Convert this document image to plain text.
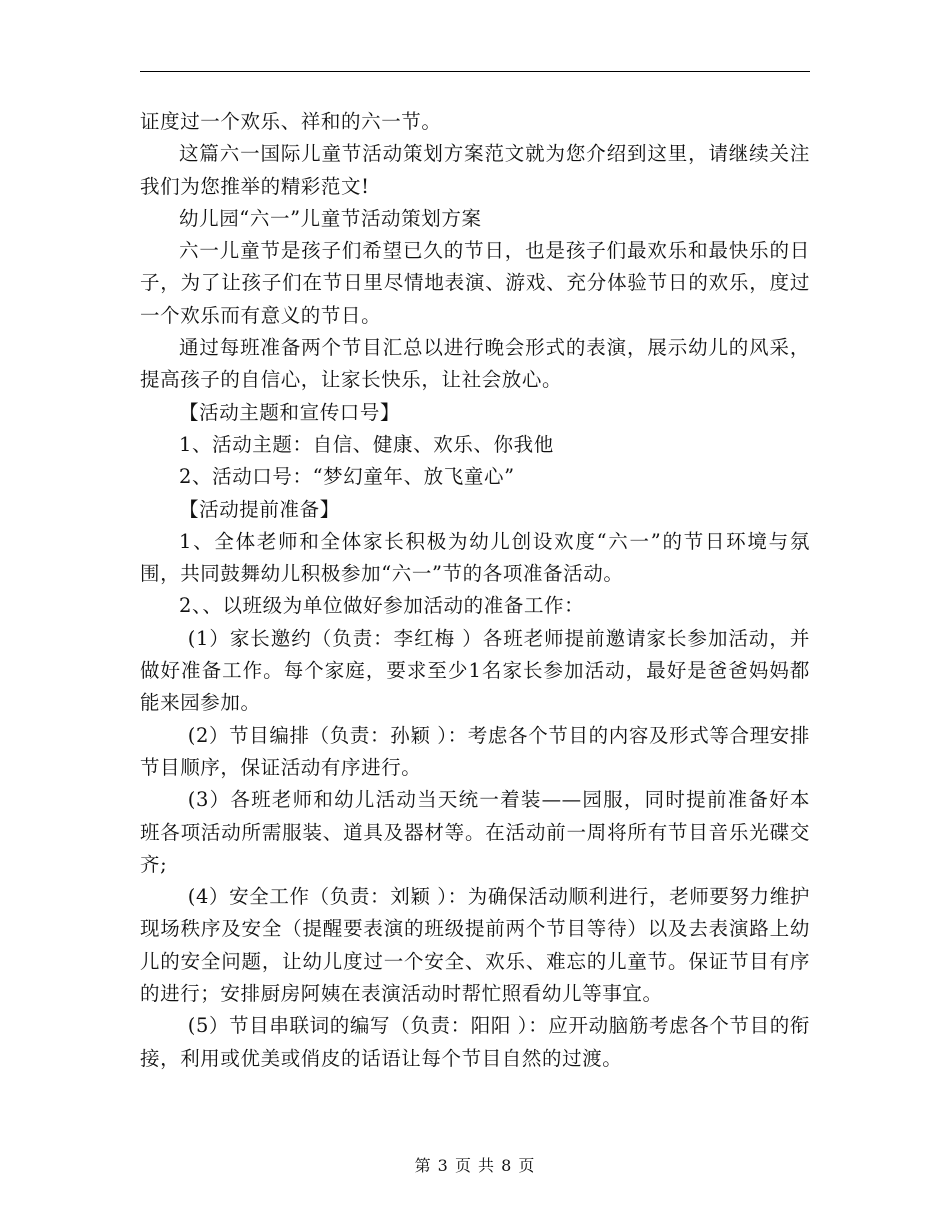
证度过一个欢乐、祥和的六一节。

这篇六一国际儿童节活动策划方案范文就为您介绍到这里，请继续关注我们为您推举的精彩范文!

幼儿园“六一”儿童节活动策划方案

六一儿童节是孩子们希望已久的节日，也是孩子们最欢乐和最快乐的日子，为了让孩子们在节日里尽情地表演、游戏、充分体验节日的欢乐，度过一个欢乐而有意义的节日。

通过每班准备两个节目汇总以进行晚会形式的表演，展示幼儿的风采，提高孩子的自信心，让家长快乐，让社会放心。

【活动主题和宣传口号】

1、活动主题：自信、健康、欢乐、你我他

2、活动口号：“梦幻童年、放飞童心”

【活动提前准备】

1、全体老师和全体家长积极为幼儿创设欢度“六一”的节日环境与氛围，共同鼓舞幼儿积极参加“六一”节的各项准备活动。

2、、以班级为单位做好参加活动的准备工作：

(1）家长邀约（负责：李红梅 ）各班老师提前邀请家长参加活动，并做好准备工作。每个家庭，要求至少1名家长参加活动，最好是爸爸妈妈都能来园参加。

(2）节目编排（负责：孙颖 ）：考虑各个节目的内容及形式等合理安排节目顺序，保证活动有序进行。

(3）各班老师和幼儿活动当天统一着装——园服，同时提前准备好本班各项活动所需服装、道具及器材等。在活动前一周将所有节目音乐光碟交齐;

(4）安全工作（负责：刘颖 ）：为确保活动顺利进行，老师要努力维护现场秩序及安全（提醒要表演的班级提前两个节目等待）以及去表演路上幼儿的安全问题，让幼儿度过一个安全、欢乐、难忘的儿童节。保证节目有序的进行；安排厨房阿姨在表演活动时帮忙照看幼儿等事宜。

(5）节目串联词的编写（负责：阳阳 ）：应开动脑筋考虑各个节目的衔接，利用或优美或俏皮的话语让每个节目自然的过渡。

第 3 页 共 8 页
